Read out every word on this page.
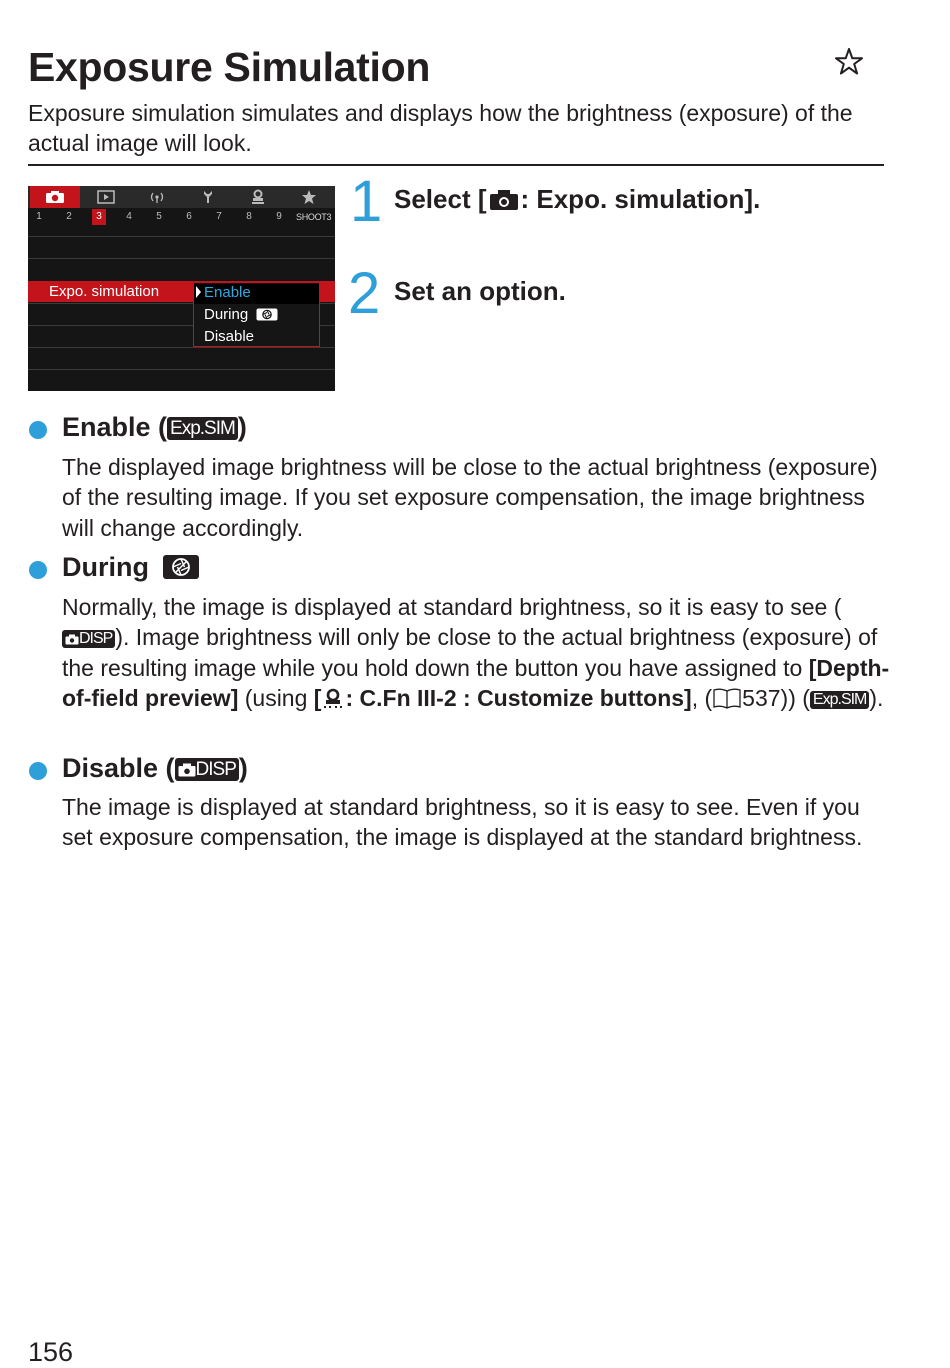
Exposure Simulation
Exposure simulation simulates and displays how the brightness (exposure) of the actual image will look.
1	2	3	4	5	6	7	8	9	SHOOT3
Expo. simulation	Enable
During
Disable
1 Select [ : Expo. simulation].
2 Set an option.
Enable ( Exp.SIM )
The displayed image brightness will be close to the actual brightness (exposure) of the resulting image. If you set exposure compensation, the image brightness will change accordingly.
During
Normally, the image is displayed at standard brightness, so it is easy to see (DISP ). Image brightness will only be close to the actual brightness (exposure) of the resulting image while you hold down the button you have assigned to [Depth-of-field preview] (using [ : C.Fn III-2 : Customize buttons], ( 537)) ( Exp.SIM ).
Disable ( DISP )
The image is displayed at standard brightness, so it is easy to see. Even if you set exposure compensation, the image is displayed at the standard brightness.
156
